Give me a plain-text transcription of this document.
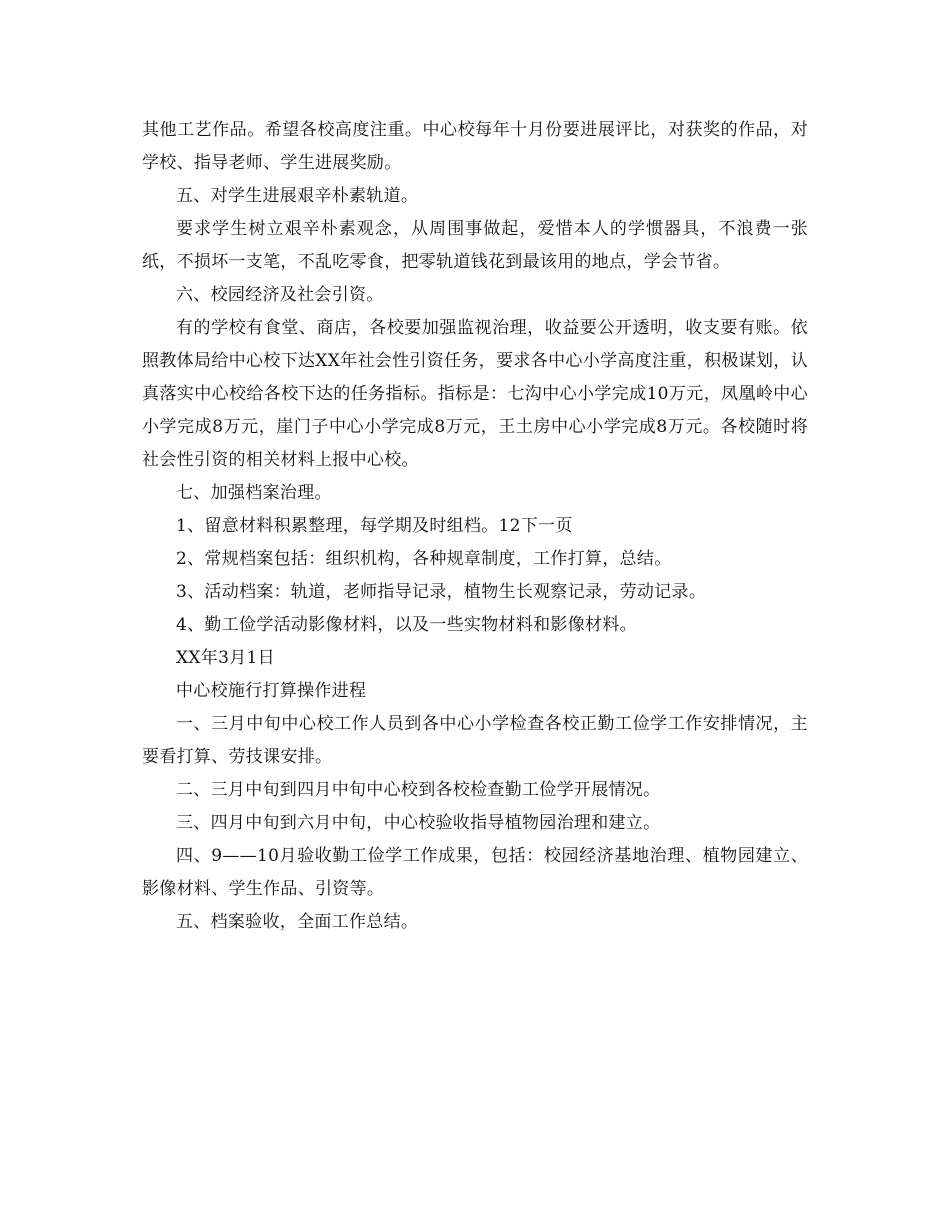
其他工艺作品。希望各校高度注重。中心校每年十月份要进展评比，对获奖的作品，对学校、指导老师、学生进展奖励。

五、对学生进展艰辛朴素轨道。

要求学生树立艰辛朴素观念，从周围事做起，爱惜本人的学惯器具，不浪费一张纸，不损坏一支笔，不乱吃零食，把零轨道钱花到最该用的地点，学会节省。

六、校园经济及社会引资。

有的学校有食堂、商店，各校要加强监视治理，收益要公开透明，收支要有账。依照教体局给中心校下达XX年社会性引资任务，要求各中心小学高度注重，积极谋划，认真落实中心校给各校下达的任务指标。指标是：七沟中心小学完成10万元，凤凰岭中心小学完成8万元，崖门子中心小学完成8万元，王土房中心小学完成8万元。各校随时将社会性引资的相关材料上报中心校。

七、加强档案治理。

1、留意材料积累整理，每学期及时组档。12下一页

2、常规档案包括：组织机构，各种规章制度，工作打算，总结。

3、活动档案：轨道，老师指导记录，植物生长观察记录，劳动记录。

4、勤工俭学活动影像材料，以及一些实物材料和影像材料。

XX年3月1日

中心校施行打算操作进程

一、三月中旬中心校工作人员到各中心小学检查各校正勤工俭学工作安排情况，主要看打算、劳技课安排。

二、三月中旬到四月中旬中心校到各校检查勤工俭学开展情况。

三、四月中旬到六月中旬，中心校验收指导植物园治理和建立。

四、9——10月验收勤工俭学工作成果，包括：校园经济基地治理、植物园建立、影像材料、学生作品、引资等。

五、档案验收，全面工作总结。
